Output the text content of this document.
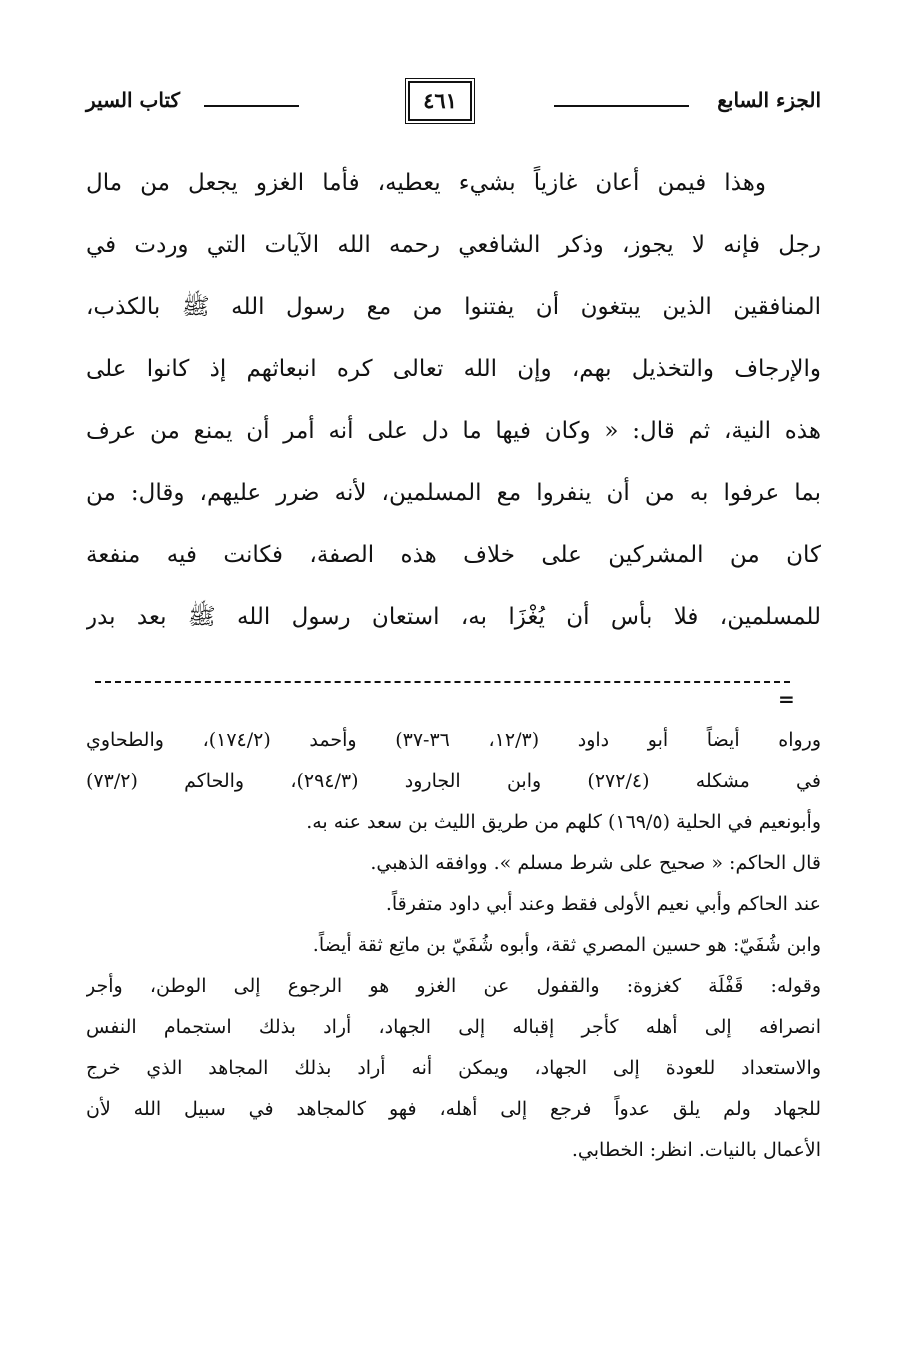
الجزء السابع
٤٦١
كتاب السير

وهذا فيمن أعان غازياً بشيء يعطيه، فأما الغزو يجعل من مال

رجل فإنه لا يجوز، وذكر الشافعي رحمه الله الآيات التي وردت في

المنافقين الذين يبتغون أن يفتنوا من مع رسول الله ﷺ بالكذب،

والإرجاف والتخذيل بهم، وإن الله تعالى كره انبعاثهم إذ كانوا على

هذه النية، ثم قال: « وكان فيها ما دل على أنه أمر أن يمنع من عرف

بما عرفوا به من أن ينفروا مع المسلمين، لأنه ضرر عليهم، وقال: من

كان من المشركين على خلاف هذه الصفة، فكانت فيه منفعة

للمسلمين، فلا بأس أن يُغْزَا به، استعان رسول الله ﷺ بعد بدر

=

ورواه أيضاً أبو داود (١٢/٣، ٣٦-٣٧) وأحمد (١٧٤/٢)، والطحاوي

في مشكله (٢٧٢/٤) وابن الجارود (٢٩٤/٣)، والحاكم (٧٣/٢)

وأبونعيم في الحلية (١٦٩/٥) كلهم من طريق الليث بن سعد عنه به.

قال الحاكم: « صحيح على شرط مسلم ». ووافقه الذهبي.

عند الحاكم وأبي نعيم الأولى فقط وعند أبي داود متفرقاً.

وابن شُفَيّ: هو حسين المصري ثقة، وأبوه شُفَيّ بن ماتِع ثقة أيضاً.

وقوله: قَفْلَة كغزوة: والقفول عن الغزو هو الرجوع إلى الوطن، وأجر

انصرافه إلى أهله كأجر إقباله إلى الجهاد، أراد بذلك استجمام النفس

والاستعداد للعودة إلى الجهاد، ويمكن أنه أراد بذلك المجاهد الذي خرج

للجهاد ولم يلق عدواً فرجع إلى أهله، فهو كالمجاهد في سبيل الله لأن

الأعمال بالنيات. انظر: الخطابي.
